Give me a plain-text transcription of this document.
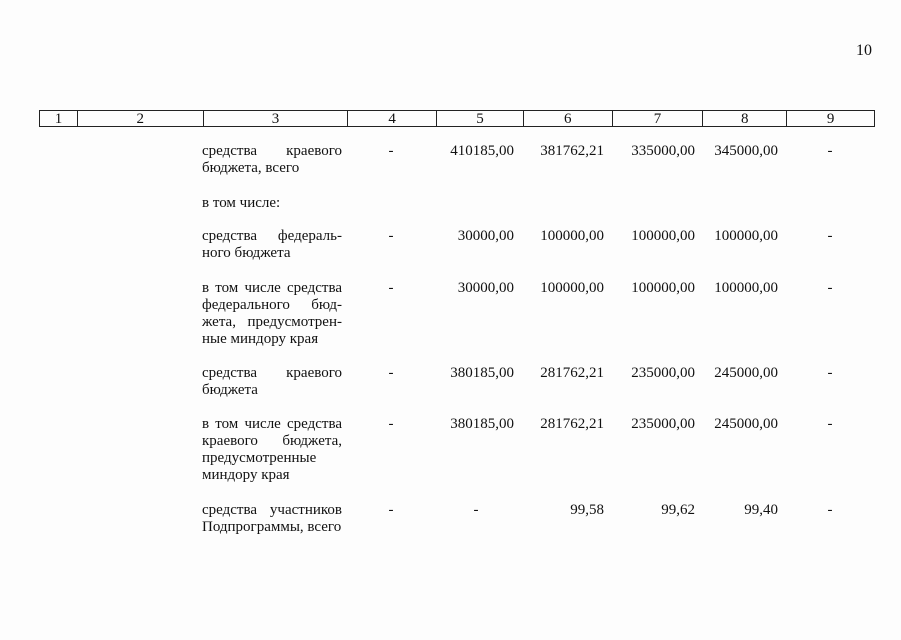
10
1	2	3	4	5	6	7	8	9
средства краевого
бюджета, всего
-	410185,00	381762,21	335000,00	345000,00	-
в том числе:
средства федераль-
ного бюджета
-	30000,00	100000,00	100000,00	100000,00	-
в том числе средства
федерального бюд-
жета, предусмотрен-
ные миндору края
-	30000,00	100000,00	100000,00	100000,00	-
средства краевого
бюджета
-	380185,00	281762,21	235000,00	245000,00	-
в том числе средства
краевого бюджета,
предусмотренные
миндору края
-	380185,00	281762,21	235000,00	245000,00	-
средства участников
Подпрограммы, всего
-	-	99,58	99,62	99,40	-
